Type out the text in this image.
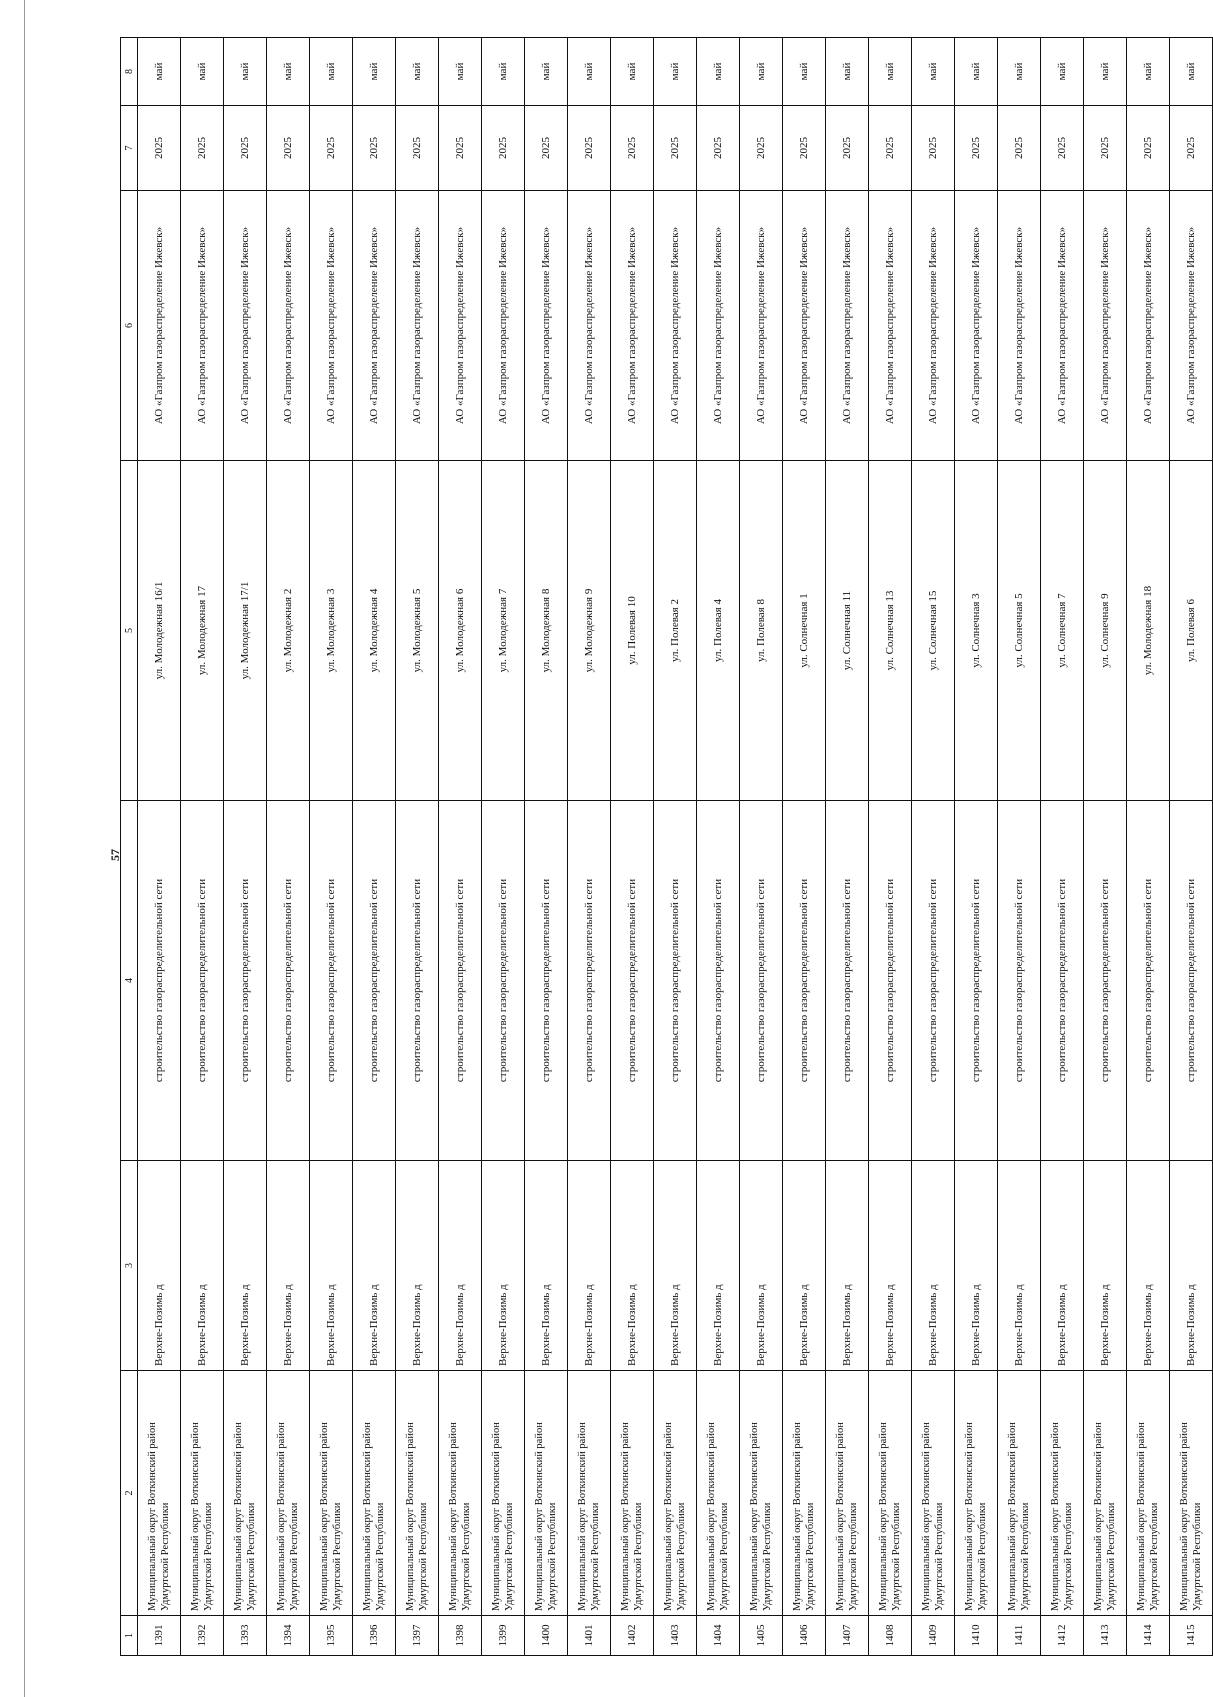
57
1	2	3	4	5	6	7	8
1391	Муниципальный округ Воткинский район Удмуртской Республики	Верхне-Позимь д	строительство газораспределительной сети	ул. Молодежная 16/1	АО «Газпром газораспределение Ижевск»	2025	май
1392	Муниципальный округ Воткинский район Удмуртской Республики	Верхне-Позимь д	строительство газораспределительной сети	ул. Молодежная 17	АО «Газпром газораспределение Ижевск»	2025	май
1393	Муниципальный округ Воткинский район Удмуртской Республики	Верхне-Позимь д	строительство газораспределительной сети	ул. Молодежная 17/1	АО «Газпром газораспределение Ижевск»	2025	май
1394	Муниципальный округ Воткинский район Удмуртской Республики	Верхне-Позимь д	строительство газораспределительной сети	ул. Молодежная 2	АО «Газпром газораспределение Ижевск»	2025	май
1395	Муниципальный округ Воткинский район Удмуртской Республики	Верхне-Позимь д	строительство газораспределительной сети	ул. Молодежная 3	АО «Газпром газораспределение Ижевск»	2025	май
1396	Муниципальный округ Воткинский район Удмуртской Республики	Верхне-Позимь д	строительство газораспределительной сети	ул. Молодежная 4	АО «Газпром газораспределение Ижевск»	2025	май
1397	Муниципальный округ Воткинский район Удмуртской Республики	Верхне-Позимь д	строительство газораспределительной сети	ул. Молодежная 5	АО «Газпром газораспределение Ижевск»	2025	май
1398	Муниципальный округ Воткинский район Удмуртской Республики	Верхне-Позимь д	строительство газораспределительной сети	ул. Молодежная 6	АО «Газпром газораспределение Ижевск»	2025	май
1399	Муниципальный округ Воткинский район Удмуртской Республики	Верхне-Позимь д	строительство газораспределительной сети	ул. Молодежная 7	АО «Газпром газораспределение Ижевск»	2025	май
1400	Муниципальный округ Воткинский район Удмуртской Республики	Верхне-Позимь д	строительство газораспределительной сети	ул. Молодежная 8	АО «Газпром газораспределение Ижевск»	2025	май
1401	Муниципальный округ Воткинский район Удмуртской Республики	Верхне-Позимь д	строительство газораспределительной сети	ул. Молодежная 9	АО «Газпром газораспределение Ижевск»	2025	май
1402	Муниципальный округ Воткинский район Удмуртской Республики	Верхне-Позимь д	строительство газораспределительной сети	ул. Полевая 10	АО «Газпром газораспределение Ижевск»	2025	май
1403	Муниципальный округ Воткинский район Удмуртской Республики	Верхне-Позимь д	строительство газораспределительной сети	ул. Полевая 2	АО «Газпром газораспределение Ижевск»	2025	май
1404	Муниципальный округ Воткинский район Удмуртской Республики	Верхне-Позимь д	строительство газораспределительной сети	ул. Полевая 4	АО «Газпром газораспределение Ижевск»	2025	май
1405	Муниципальный округ Воткинский район Удмуртской Республики	Верхне-Позимь д	строительство газораспределительной сети	ул. Полевая 8	АО «Газпром газораспределение Ижевск»	2025	май
1406	Муниципальный округ Воткинский район Удмуртской Республики	Верхне-Позимь д	строительство газораспределительной сети	ул. Солнечная 1	АО «Газпром газораспределение Ижевск»	2025	май
1407	Муниципальный округ Воткинский район Удмуртской Республики	Верхне-Позимь д	строительство газораспределительной сети	ул. Солнечная 11	АО «Газпром газораспределение Ижевск»	2025	май
1408	Муниципальный округ Воткинский район Удмуртской Республики	Верхне-Позимь д	строительство газораспределительной сети	ул. Солнечная 13	АО «Газпром газораспределение Ижевск»	2025	май
1409	Муниципальный округ Воткинский район Удмуртской Республики	Верхне-Позимь д	строительство газораспределительной сети	ул. Солнечная 15	АО «Газпром газораспределение Ижевск»	2025	май
1410	Муниципальный округ Воткинский район Удмуртской Республики	Верхне-Позимь д	строительство газораспределительной сети	ул. Солнечная 3	АО «Газпром газораспределение Ижевск»	2025	май
1411	Муниципальный округ Воткинский район Удмуртской Республики	Верхне-Позимь д	строительство газораспределительной сети	ул. Солнечная 5	АО «Газпром газораспределение Ижевск»	2025	май
1412	Муниципальный округ Воткинский район Удмуртской Республики	Верхне-Позимь д	строительство газораспределительной сети	ул. Солнечная 7	АО «Газпром газораспределение Ижевск»	2025	май
1413	Муниципальный округ Воткинский район Удмуртской Республики	Верхне-Позимь д	строительство газораспределительной сети	ул. Солнечная 9	АО «Газпром газораспределение Ижевск»	2025	май
1414	Муниципальный округ Воткинский район Удмуртской Республики	Верхне-Позимь д	строительство газораспределительной сети	ул. Молодежная 18	АО «Газпром газораспределение Ижевск»	2025	май
1415	Муниципальный округ Воткинский район Удмуртской Республики	Верхне-Позимь д	строительство газораспределительной сети	ул. Полевая 6	АО «Газпром газораспределение Ижевск»	2025	май
